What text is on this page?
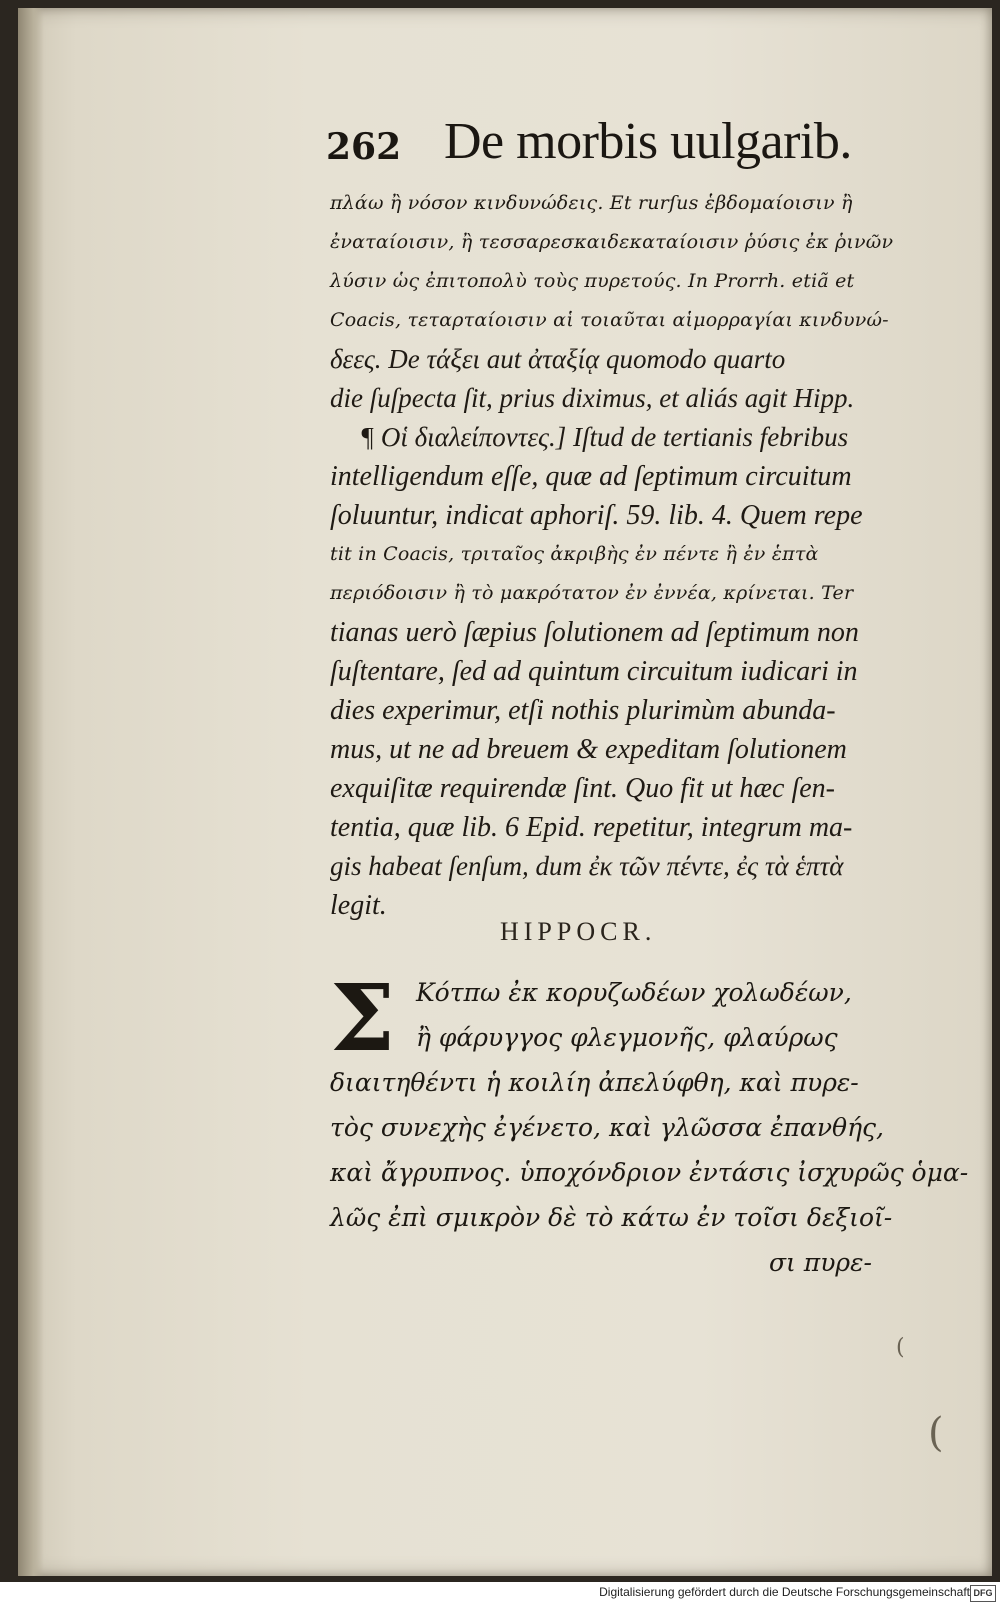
262 De morbis uulgarib.
πλάω ἢ νόσον κινδυνώδεις. Et rurſus ἑβδομαίοισιν ἢ
ἐναταίοισιν, ἢ τεσσαρεσκαιδεκαταίοισιν ῥύσις ἐκ ῥινῶν
λύσιν ὡς ἐπιτοπολὺ τοὺς πυρετούς. In Prorrh. etiã et
Coacis, τεταρταίοισιν αἱ τοιαῦται αἱμορραγίαι κινδυνώ-
δεες. De τάξει aut ἀταξίᾳ quomodo quarto
die ſuſpecta ſit, prius diximus, et aliás agit Hipp.
¶ Οἱ διαλείποντες.] Iſtud de tertianis febribus
intelligendum eſſe, quæ ad ſeptimum circuitum
ſoluuntur, indicat aphoriſ. 59. lib. 4. Quem repe
tit in Coacis, τριταῖος ἀκριβὴς ἐν πέντε ἢ ἐν ἑπτὰ
περιόδοισιν ἢ τὸ μακρότατον ἐν ἐννέα, κρίνεται. Ter
tianas uerò ſæpius ſolutionem ad ſeptimum non
ſuſtentare, ſed ad quintum circuitum iudicari in
dies experimur, etſi nothis plurimùm abunda-
mus, ut ne ad breuem & expeditam ſolutionem
exquiſitæ requirendæ ſint. Quo fit ut hæc ſen-
tentia, quæ lib. 6 Epid. repetitur, integrum ma-
gis habeat ſenſum, dum ἐκ τῶν πέντε, ἐς τὰ ἑπτὰ
legit.
HIPPOCR.
Σ Κότπω ἐκ κορυζωδέων χολωδέων,
ἢ φάρυγγος φλεγμονῆς, φλαύρως
διαιτηθέντι ἡ κοιλίη ἀπελύφθη, καὶ πυρε-
τὸς συνεχὴς ἐγένετο, καὶ γλῶσσα ἐπανθής,
καὶ ἄγρυπνος. ὑποχόνδριον ἐντάσις ἰσχυρῶς ὁμα-
λῶς ἐπὶ σμικρὸν δὲ τὸ κάτω ἐν τοῖσι δεξιοῖ-
σι πυρε-
(
(
Digitalisierung gefördert durch die Deutsche Forschungsgemeinschaft DFG
